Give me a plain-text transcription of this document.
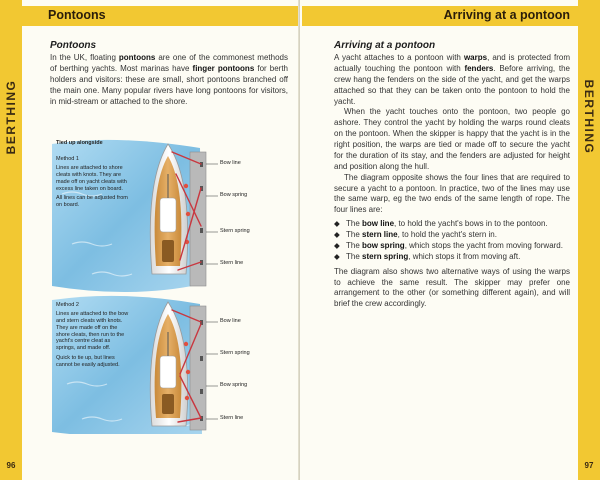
BERTHING
Pontoons
Pontoons

In the UK, floating pontoons are one of the commonest methods of berthing yachts. Most marinas have finger pontoons for berth holders and visitors: these are small, short pontoons branched off the main one. Many popular rivers have long pontoons for visitors, in mid-stream or attached to the shore.

Tied up alongside
Method 1
Lines are attached to shore cleats with knots. They are made off on yacht cleats with excess line taken on board.
All lines can be adjusted from on board.
Method 2
Lines are attached to the bow and stern cleats with knots. They are made off on the shore cleats, then run to the yacht's centre cleat as springs, and made off.
Quick to tie up, but lines cannot be easily adjusted.
Bow line
Bow spring
Stern spring
Stern line
Bow line
Stern spring
Bow spring
Stern line
96
Arriving at a pontoon
BERTHING
Arriving at a pontoon

A yacht attaches to a pontoon with warps, and is protected from actually touching the pontoon with fenders. Before arriving, the crew hang the fenders on the side of the yacht, and get the warps attached so that they can be taken onto the pontoon to hold the yacht.

When the yacht touches onto the pontoon, two people go ashore. They control the yacht by holding the warps round cleats on the pontoon. When the skipper is happy that the yacht is in the right position, the warps are tied or made off to secure the yacht for the duration of its stay, and the fenders are adjusted for height and position along the hull.

The diagram opposite shows the four lines that are required to secure a yacht to a pontoon. In practice, two of the lines may use the same warp, eg the two ends of the same length of rope. The four lines are:

◆ The bow line, to hold the yacht's bows in to the pontoon.
◆ The stern line, to hold the yacht's stern in.
◆ The bow spring, which stops the yacht from moving forward.
◆ The stern spring, which stops it from moving aft.

The diagram also shows two alternative ways of using the warps to achieve the same result. The skipper may prefer one arrangement to the other (or something different again), and will brief the crew accordingly.

97
